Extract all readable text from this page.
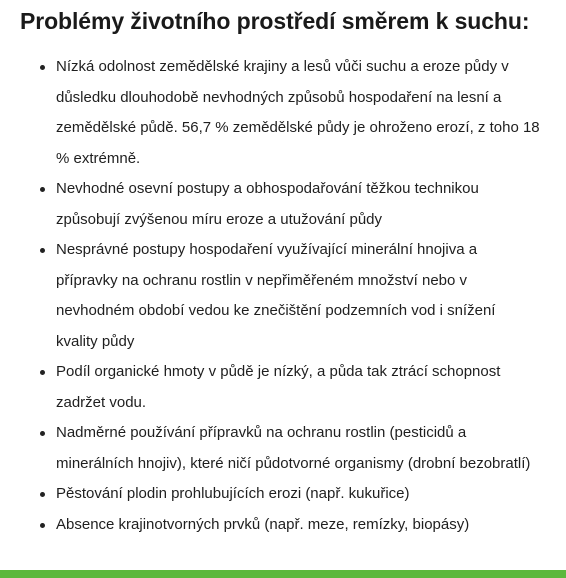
Problémy životního prostředí směrem k suchu:
Nízká odolnost zemědělské krajiny a lesů vůči suchu a eroze půdy v důsledku dlouhodobě nevhodných způsobů hospodaření na lesní a zemědělské půdě. 56,7 % zemědělské půdy je ohroženo erozí, z toho 18 % extrémně.
Nevhodné osevní postupy a obhospodařování těžkou technikou způsobují zvýšenou míru eroze a utužování půdy
Nesprávné postupy hospodaření využívající minerální hnojiva a přípravky na ochranu rostlin v nepřiměřeném množství nebo v nevhodném období vedou ke znečištění podzemních vod i snížení kvality půdy
Podíl organické hmoty v půdě je nízký, a půda tak ztrácí schopnost zadržet vodu.
Nadměrné používání přípravků na ochranu rostlin (pesticidů a minerálních hnojiv), které ničí půdotvorné organismy (drobní bezobratlí)
Pěstování plodin prohlubujících erozi (např. kukuřice)
Absence krajinotvorných prvků (např. meze, remízky, biopásy)
